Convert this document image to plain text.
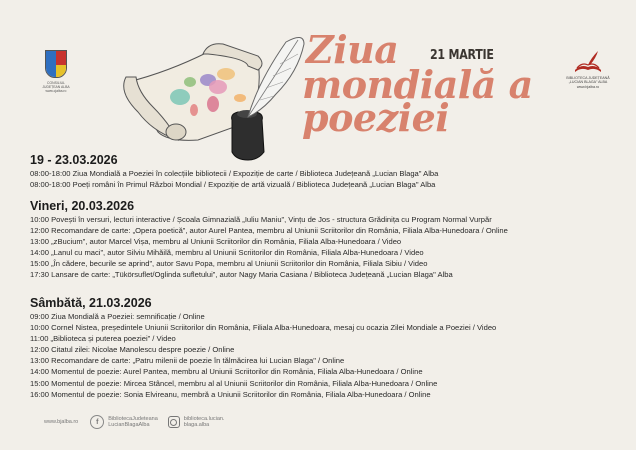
CONSILIUL
JUDEȚEAN ALBA
www.cjalba.ro
Ziua 21 MARTIE
mondială a
poeziei
BIBLIOTECA JUDEȚEANĂ
„LUCIAN BLAGA” ALBA
www.bjalba.ro
19 - 23.03.2026
08:00-18:00 Ziua Mondială a Poeziei în colecțiile bibliotecii / Expoziție de carte / Biblioteca Județeană „Lucian Blaga" Alba
08:00-18:00 Poeți români în Primul Război Mondial / Expoziție de artă vizuală / Biblioteca Județeană „Lucian Blaga" Alba
Vineri, 20.03.2026
10:00 Povești în versuri, lecturi interactive / Școala Gimnazială „Iuliu Maniu”, Vințu de Jos - structura Grădinița cu Program Normal Vurpăr
12:00 Recomandare de carte: „Opera poetică”, autor Aurel Pantea, membru al Uniunii Scriitorilor din România, Filiala Alba-Hunedoara / Online
13:00 „zBucium”, autor Marcel Vișa, membru al Uniunii Scriitorilor din România, Filiala Alba-Hunedoara / Video
14:00 „Lanul cu maci”, autor Silviu Mihăilă, membru al Uniunii Scriitorilor din România, Filiala Alba-Hunedoara / Video
15:00 „În cădere, becurile se aprind”, autor Savu Popa, membru al Uniunii Scriitorilor din România, Filiala Sibiu / Video
17:30 Lansare de carte: „Tükörsuflet/Oglinda sufletului”, autor Nagy Maria Casiana / Biblioteca Județeană „Lucian Blaga" Alba
Sâmbătă, 21.03.2026
09:00 Ziua Mondială a Poeziei: semnificație / Online
10:00 Cornel Nistea, președintele Uniunii Scriitorilor din România, Filiala Alba-Hunedoara, mesaj cu ocazia Zilei Mondiale a Poeziei / Video
11:00 „Biblioteca și puterea poeziei” / Video
12:00 Citatul zilei: Nicolae Manolescu despre poezie / Online
13:00 Recomandare de carte: „Patru milenii de poezie în tălmăcirea lui Lucian Blaga" / Online
14:00 Momentul de poezie: Aurel Pantea, membru al Uniunii Scriitorilor din România, Filiala Alba-Hunedoara / Online
15:00 Momentul de poezie: Mircea Stâncel, membru al al Uniunii Scriitorilor din România, Filiala Alba-Hunedoara / Online
16:00 Momentul de poezie: Sonia Elvireanu, membră a Uniunii Scriitorilor din România, Filiala Alba-Hunedoara / Online
www.bjalba.ro	f	BibliotecaJudeteana
LucianBlagaAlba
biblioteca.lucian.
blaga.alba
